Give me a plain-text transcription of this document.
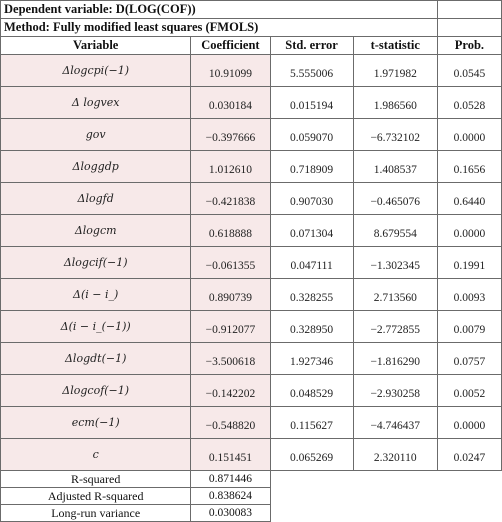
Dependent variable: D(LOG(COF))				
Method: Fully modified least squares (FMOLS)				
Variable	Coefficient	Std. error	t-statistic	Prob.
Δlogcpi(−1)	10.91099	5.555006	1.971982	0.0545
Δ logvex	0.030184	0.015194	1.986560	0.0528
gov	−0.397666	0.059070	−6.732102	0.0000
Δloggdp	1.012610	0.718909	1.408537	0.1656
Δlogfd	−0.421838	0.907030	−0.465076	0.6440
Δlogcm	0.618888	0.071304	8.679554	0.0000
Δlogcif(−1)	−0.061355	0.047111	−1.302345	0.1991
Δ(i − i_)	0.890739	0.328255	2.713560	0.0093
Δ(i − i_(−1))	−0.912077	0.328950	−2.772855	0.0079
Δlogdt(−1)	−3.500618	1.927346	−1.816290	0.0757
Δlogcof(−1)	−0.142202	0.048529	−2.930258	0.0052
ecm(−1)	−0.548820	0.115627	−4.746437	0.0000
c	0.151451	0.065269	2.320110	0.0247
R-squared	0.871446			
Adjusted R-squared	0.838624			
Long-run variance	0.030083			
